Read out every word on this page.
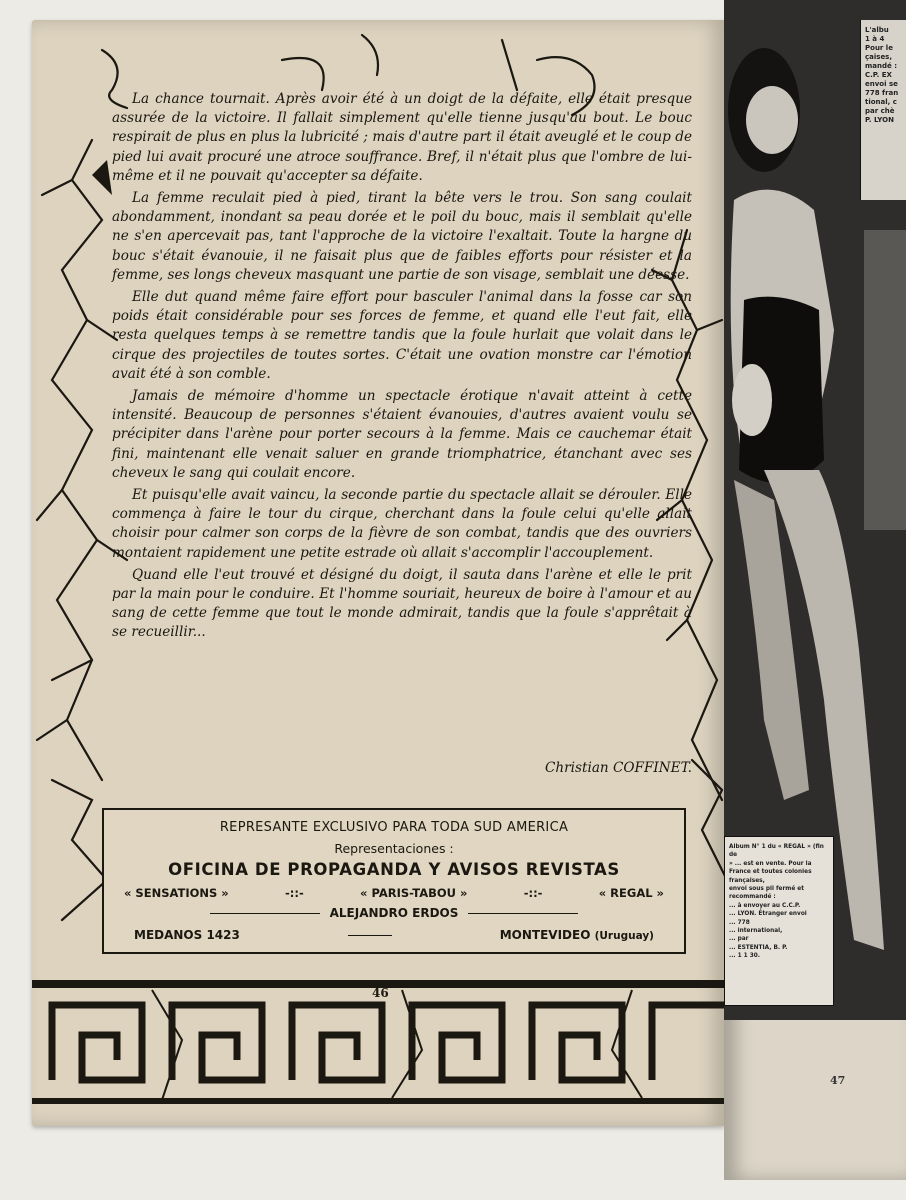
La chance tournait. Après avoir été à un doigt de la défaite, elle était presque assurée de la victoire. Il fallait simplement qu'elle tienne jusqu'au bout. Le bouc respirait de plus en plus la lubricité ; mais d'autre part il était aveuglé et le coup de pied lui avait procuré une atroce souffrance. Bref, il n'était plus que l'ombre de lui-même et il ne pouvait qu'accepter sa défaite.

La femme reculait pied à pied, tirant la bête vers le trou. Son sang coulait abondamment, inondant sa peau dorée et le poil du bouc, mais il semblait qu'elle ne s'en apercevait pas, tant l'approche de la victoire l'exaltait. Toute la hargne du bouc s'était évanouie, il ne faisait plus que de faibles efforts pour résister et la femme, ses longs cheveux masquant une partie de son visage, semblait une déesse.

Elle dut quand même faire effort pour basculer l'animal dans la fosse car son poids était considérable pour ses forces de femme, et quand elle l'eut fait, elle resta quelques temps à se remettre tandis que la foule hurlait que volait dans le cirque des projectiles de toutes sortes. C'était une ovation monstre car l'émotion avait été à son comble.

Jamais de mémoire d'homme un spectacle érotique n'avait atteint à cette intensité. Beaucoup de personnes s'étaient évanouies, d'autres avaient voulu se précipiter dans l'arène pour porter secours à la femme. Mais ce cauchemar était fini, maintenant elle venait saluer en grande triomphatrice, étanchant avec ses cheveux le sang qui coulait encore.

Et puisqu'elle avait vaincu, la seconde partie du spectacle allait se dérouler. Elle commença à faire le tour du cirque, cherchant dans la foule celui qu'elle allait choisir pour calmer son corps de la fièvre de son combat, tandis que des ouvriers montaient rapidement une petite estrade où allait s'accomplir l'accouplement.

Quand elle l'eut trouvé et désigné du doigt, il sauta dans l'arène et elle le prit par la main pour le conduire. Et l'homme souriait, heureux de boire à l'amour et au sang de cette femme que tout le monde admirait, tandis que la foule s'apprêtait à se recueillir...

Christian COFFINET.
REPRESANTE EXCLUSIVO PARA TODA SUD AMERICA
Representaciones :
OFICINA DE PROPAGANDA Y AVISOS REVISTAS
« SENSATIONS »	-::-	« PARIS-TABOU »	-::-	« REGAL »
ALEJANDRO ERDOS
MEDANOS 1423	MONTEVIDEO (Uruguay)
46
L'albu
1 à 4
Pour le
çaises,
mandé :
C.P. EX
envoi se
778 fran
tional, c
par chè
P. LYON
Album N° 1 du « REGAL » (fin de
» ... est en vente. Pour la
France et toutes colonies françaises,
envoi sous pli fermé et recommandé :
... à envoyer au C.C.P.
... LYON. Étranger envoi
... 778
... international,
... par
... ESTENTIA, B. P.
... 1 1 30.
47
